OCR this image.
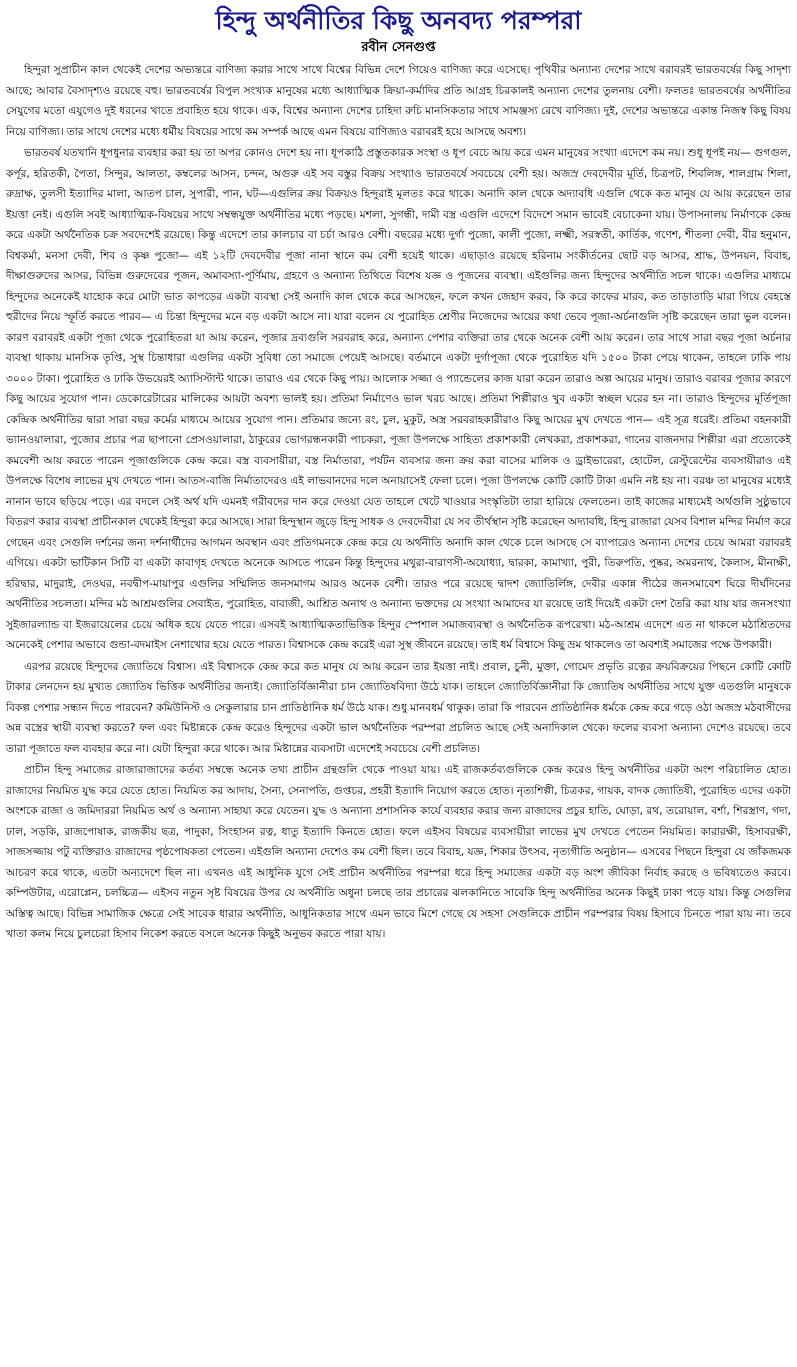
হিন্দু অর্থনীতির কিছু অনবদ্য পরম্পরা
রবীন সেনগুপ্ত

হিন্দুরা সুপ্রাচীন কাল থেকেই দেশের অভ্যন্তরে বাণিজ্য করার সাথে সাথে বিশ্বের বিভিন্ন দেশে গিয়েও বাণিজ্য করে এসেছে। পৃথিবীর অন্যান্য দেশের সাথে বরাবরই ভারতবর্ষের কিছু সাদৃশ্য আছে; আবার বৈসাদৃশ্যও রয়েছে বহু। ভারতবর্ষের বিপুল সংখ্যক মানুষের মধ্যে আধ্যাত্মিক ক্রিয়া-কর্মাদির প্রতি আগ্রহ চিরকালই অন্যান্য দেশের তুলনায় বেশী। ফলতঃ ভারতবর্ষের অর্থনীতির সেযুগের মতো এযুগেও দুই ধরনের খাতে প্রবাহিত হয়ে থাকে। এক, বিশ্বের অন্যান্য দেশের চাহিদা রুচি মানসিকতার সাথে সামঞ্জস্য রেখে বাণিজ্য। দুই, দেশের অভ্যন্তরে একান্ত নিজস্ব কিছু বিষয় নিয়ে বাণিজ্য। তার সাথে দেশের মধ্যে ধর্মীয় বিষয়ের সাথে কম সম্পর্ক আছে এমন বিষয়ে বাণিজ্যও বরাবরই হয়ে আসছে অবশ্য।

ভারতবর্ষ যতখানি ধূপধুনার ব্যবহার করা হয় তা অপর কোনও দেশে হয় না। ধূপকাঠি প্রস্তুতকারক সংস্থা ও ধূপ বেচে আয় করে এমন মানুষের সংখ্যা এদেশে কম নয়। শুধু ধূপই নয়— গুগগুল, কর্পূর, হরিতকী, পৈতা, সিন্দুর, আলতা, কম্বলের আসন, চন্দন, অগুরু এই সব বস্তুর বিক্রয় সংখ্যাও ভারতবর্ষে সবচেয়ে বেশী হয়। অজস্র দেবদেবীর মূর্তি, চিত্রপট, শিবলিঙ্গ, শালগ্রাম শিলা, রুদ্রাক্ষ, তুলসী ইত্যাদির মালা, আতপ চাল, সুপারী, পান, ঘট—এগুলির ক্রয় বিক্রয়ও হিন্দুরাই মূলতঃ করে থাকে। অনাদি কাল থেকে অদ্যাবধি এগুলি থেকে কত মানুষ যে আয় করেছেন তার ইয়ত্তা নেই। এগুলি সবই আধ্যাত্মিক-বিষয়ের সাথে সম্বন্ধযুক্ত অর্থনীতির মধ্যে পড়ছে। মশলা, সুগন্ধী, দামী বস্ত্র এগুলি এদেশে বিদেশে সমান ভাবেই বেচাকেনা যায়। উপাসনালয় নির্মাণকে কেন্দ্র করে একটা অর্থনৈতিক চক্র সবদেশেই রয়েছে। কিন্তু এদেশে তার কালচার বা চর্চা আরও বেশী। বছরের মধ্যে দুর্গা পুজো, কালী পুজো, লক্ষ্মী, সরস্বতী, কার্তিক, গণেশ, শীতলা দেবী, বীর হনুমান, বিশ্বকর্মা, মনসা দেবী, শিব ও কৃষ্ণ পুজো— এই ১২টি দেবদেবীর পূজা নানা স্থানে কম বেশী হয়েই থাকে। এছাড়াও রয়েছে হরিনাম সংকীর্তনের ছোট বড় আসর, শ্রাদ্ধ, উপনয়ন, বিবাহ, দীক্ষাগুরুদের আসর, বিভিন্ন গুরুদেবের পূজন, অমাবস্যা-পূর্ণিমায়, গ্রহণে ও অন্যান্য তিথিতে বিশেষ যজ্ঞ ও পূজনের ব্যবস্থা। এইগুলির জন্য হিন্দুদের অর্থনীতি সচল থাকে। এগুলির মাধ্যমে হিন্দুদের অনেকেই যাহোক করে মোটা ভাত কাপড়ের একটা ব্যবস্থা সেই অনাদি কাল থেকে করে আসছেন, ফলে কখন জেহাদ করব, কি করে কাফের মারব, কত তাড়াতাড়ি মারা গিয়ে বেহস্তে হুরীদের নিয়ে স্ফূর্তি করতে পারব— এ চিন্তা হিন্দুদের মনে বড় একটা আসে না। যারা বলেন যে পুরোহিত শ্রেণীর নিজেদের আয়ের কথা ভেবে পূজা-অর্চনাগুলি সৃষ্টি করেছেন তারা ভুল বলেন। কারণ বরাবরই একটা পূজা থেকে পুরোহিতরা যা আয় করেন, পূজার দ্রব্যগুলি সরবরাহ করে, অন্যান্য পেশার ব্যক্তিরা তার থেকে অনেক বেশী আয় করেন। তার সাথে সারা বছর পূজা অর্চনার ব্যবস্থা থাকায় মানসিক তৃপ্তি, সুস্থ চিন্তাধারা এগুলির একটা সুবিধা তো সমাজে পেয়েই আসছে। বর্তমানে একটা দুর্গাপূজা থেকে পুরোহিত যদি ১৫০০ টাকা পেয়ে থাকেন, তাহলে ঢাকি পায় ৩০০০ টাকা। পুরোহিত ও ঢাকি উভয়েরই অ্যাসিস্টান্ট থাকে। তারাও এর থেকে কিছু পায়। আলোক সজ্জা ও প্যান্ডেলের কাজ যারা করেন তারাও অল্প আয়ের মানুষ। তারাও বরাবর পূজার কারণে কিছু আয়ের সুযোগ পান। ডেকোরেটারের মালিকের আয়টা অবশ্য ভালই হয়। প্রতিমা নির্মাণেও ভাল খরচ আছে। প্রতিমা শিল্পীরাও খুব একটা স্বচ্ছল ঘরের হন না। তারাও হিন্দুদের মূর্তিপূজা কেন্দ্রিক অর্থনীতির দ্বারা সারা বছর কর্মের মাধ্যমে আয়ের সুযোগ পান। প্রতিমার জন্যে রং, চুল, মুকুট, অস্ত্র সরবরাহকারীরাও কিছু আয়ের মুখ দেখতে পান— এই সূত্র ধরেই। প্রতিমা বহনকারী ভ্যানওয়ালারা, পুজোর প্রচার পত্র ছাপানো প্রেসওয়ালারা, ঠাকুরের ভোগরন্ধনকারী পাচকরা, পূজা উপলক্ষে সাহিত্য প্রকাশকারী লেখকরা, প্রকাশকরা, গানের বাজনদার শিল্পীরা এরা প্রত্যেকেই কমবেশী আয় করতে পারেন পূজাগুলিকে কেন্দ্র করে। বস্ত্র ব্যবসায়ীরা, বস্ত্র নির্মাতারা, পর্যটন ব্যবসার জন্য ক্রয় করা বাসের মালিক ও ড্রাইভারেরা, হোটেল, রেস্টুরেন্টের ব্যবসায়ীরাও এই উপলক্ষে বিশেষ লাভের মুখ দেখতে পান। আতস-বাজি নির্মাতাদেরও এই লাভবানদের দলে অনায়াসেই ফেলা চলে। পূজা উপলক্ষে কোটি কোটি টাকা এমনি নষ্ট হয় না। বরঞ্চ তা মানুষের মধ্যেই নানান ভাবে ছড়িয়ে পড়ে। এর বদলে সেই অর্থ যদি এমনই গরীবদের দান করে দেওয়া যেত তাহলে খেটে খাওয়ার সংস্কৃতিটা তারা হারিয়ে ফেলতেন। তাই কাজের মাধ্যমেই অর্থগুলি সুষ্ঠুভাবে বিতরণ করার ব্যবস্থা প্রাচীনকাল থেকেই হিন্দুরা করে আসছে। সারা হিন্দুস্থান জুড়ে হিন্দু সাধক ও দেবদেবীরা যে সব তীর্থস্থান সৃষ্টি করেছেন অদ্যাবধি, হিন্দু রাজারা যেসব বিশাল মন্দির নির্মাণ করে গেছেন এবং সেগুলি দর্শনের জন্য দর্শনার্থীদের আগমন অবস্থান এবং প্রতিগমনকে কেন্দ্র করে যে অর্থনীতি অনাদি কাল থেকে চলে আসছে সে ব্যাপারেও অন্যান্য দেশের চেয়ে আমরা বরাবরই এগিয়ে। একটা ভাটিকান সিটি বা একটা কাবাগৃহ দেখতে অনেকে আসতে পারেন কিন্তু হিন্দুদের মথুরা-বারাণসী-অযোধ্যা, দ্বারকা, কামাখ্যা, পুরী, তিরুপতি, পুষ্কর, অমরনাথ, কৈলাস, মীনাক্ষী, হরিদ্বার, মাদুরাই, দেওঘর, নবদ্বীপ-মায়াপুর এগুলির সম্মিলিত জনসমাগম আরও অনেক বেশী। তারও পরে রয়েছে দ্বাদশ জ্যোতির্লিঙ্গ, দেবীর একান্ন পীঠের জনসমাবেশ ঘিরে দীর্ঘদিনের অর্থনীতির সচলতা। মন্দির মঠ আশ্রমগুলির সেবাইত, পুরোহিত, বাবাজী, আশ্রিত অনাথ ও অন্যান্য ভক্তদের যে সংখ্যা আমাদের যা রয়েছে তাই দিয়েই একটা দেশ তৈরি করা যায় যার জনসংখ্যা সুইজারল্যান্ড বা ইজরায়েলের চেয়ে অধিক হয়ে যেতে পারে। এসবই আধ্যাত্মিকতাভিত্তিক হিন্দুর স্পেশাল সমাজব্যবস্থা ও অর্থনৈতিক রূপরেখা। মঠ-আশ্রম এদেশে এত না থাকলে মঠাশ্রিতদের অনেকেই পেশার অভাবে গুন্ডা-বদমাইস নেশাখোর হয়ে যেতে পারত। বিশ্বাসকে কেন্দ্র করেই এরা সুস্থ জীবনে রয়েছে। তাই ধর্ম বিশ্বাসে কিছু ভ্রম থাকলেও তা অবশ্যই সমাজের পক্ষে উপকারী।

এরপর রয়েছে হিন্দুদের জ্যোতিষে বিশ্বাস। এই বিশ্বাসকে কেন্দ্র করে কত মানুষ যে আয় করেন তার ইয়ত্তা নাই। প্রবাল, চুনী, মুক্তা, গোমেদ প্রভৃতি রত্নের ক্রয়বিক্রয়ের পিছনে কোটি কোটি টাকার লেনদেন হয় মুখ্যত জ্যোতিষ ভিত্তিক অর্থনীতির জন্যই। জ্যোতির্বিজ্ঞানীরা চান জ্যোতিষবিদ্যা উঠে যাক। তাহলে জ্যোতির্বিজ্ঞানীরা কি জ্যোতিষ অর্থনীতির সাথে যুক্ত এতগুলি মানুষকে বিকল্প পেশার সন্ধান দিতে পারবেন? কমিউনিস্ট ও সেকুলারার চান প্রাতিষ্ঠানিক ধর্ম উঠে যাক। শুধু মানবধর্ম থাকুক। তারা কি পারবেন প্রাতিষ্ঠানিক ধর্মকে কেন্দ্র করে গড়ে ওঠা অজস্র মঠবাসীদের অন্ন বস্ত্রের স্থায়ী ব্যবস্থা করতে? ফল এবং মিষ্টান্নকে কেন্দ্র করেও হিন্দুদের একটা ভাল অর্থনৈতিক পরম্পরা প্রচলিত আছে সেই অনাদিকাল থেকে। ফলের ব্যবসা অন্যান্য দেশেও রয়েছে। তবে তারা পূজাতে ফল ব্যবহার করে না। যেটা হিন্দুরা করে থাকে। আর মিষ্টান্নের ব্যবসাটা এদেশেই সবচেয়ে বেশী প্রচলিত।

প্রাচীন হিন্দু সমাজের রাজারাজাদের কর্তব্য সম্বন্ধে অনেক তথ্য প্রাচীন গ্রন্থগুলি থেকে পাওয়া যায়। এই রাজকর্তব্যগুলিকে কেন্দ্র করেও হিন্দু অর্থনীতির একটা অংশ পরিচালিত হোত। রাজাদের নিয়মিত যুদ্ধ করে যেতে হোত। নিয়মিত কর আদায়, সৈন্য, সেনাপতি, গুপ্তচর, প্রহরী ইত্যাদি নিয়োগ করতে হোত। নৃত্যশিল্পী, চিত্রকর, গায়ক, বাদক জ্যোতিষী, পুরোহিত এদের একটা অংশকে রাজা ও জমিদাররা নিয়মিত অর্থ ও অন্যান্য সাহায্য করে যেতেন। যুদ্ধ ও অন্যান্য প্রশাসনিক কার্যে ব্যবহার করার জন্য রাজাদের প্রচুর হাতি, ঘোড়া, রথ, তরোয়াল, বর্শা, শিরস্ত্রাণ, গদা, ঢাল, সড়কি, রাজপোষাক, রাজকীয় ছত্র, পাদুকা, সিংহাসন রত্ন, ধাতু ইত্যাদি কিনতে হোত। ফলে এইসব বিষয়ের ব্যবসায়ীরা লাভের মুখ দেখতে পেতেন নিয়মিত। কারারক্ষী, হিসাবরক্ষী, সাজসজ্জায় পটু ব্যক্তিরাও রাজাদের পৃষ্ঠপোষকতা পেতেন। এইগুলি অন্যান্য দেশেও কম বেশী ছিল। তবে বিবাহ, যজ্ঞ, শিকার উৎসব, নৃত্যগীতি অনুষ্ঠান— এসবের পিছনে হিন্দুরা যে জাঁকজমক আচরণ করে থাকে, এতটা অন্যদেশে ছিল না। এখনও এই আধুনিক যুগে সেই প্রাচীন অর্থনীতির পরম্পরা ধরে হিন্দু সমাজের একটা বড় অংশ জীবিকা নির্বাহ করছে ও ভবিষ্যতেও করবে। কম্পিউটার, এরোপ্লেন, চলচ্চিত্র— এইসব নতুন সৃষ্ট বিষয়ের উপর যে অর্থনীতি অধুনা চলছে তার প্রচারের ঝলকানিতে সাবেকি হিন্দু অর্থনীতির অনেক কিছুই ঢাকা পড়ে যায়। কিন্তু সেগুলির অস্তিত্ব আছে। বিভিন্ন সামাজিক ক্ষেত্রে সেই সাবেক ধারার অর্থনীতি, আধুনিকতার সাথে এমন ভাবে মিশে গেছে যে সহসা সেগুলিকে প্রাচীন পরম্পরার বিষয় হিসাবে চিনতে পারা যায় না। তবে খাতা কলম নিয়ে চুলচেরা হিসাব নিকেশ করতে বসলে অনেক কিছুই অনুভব করতে পারা যায়।
